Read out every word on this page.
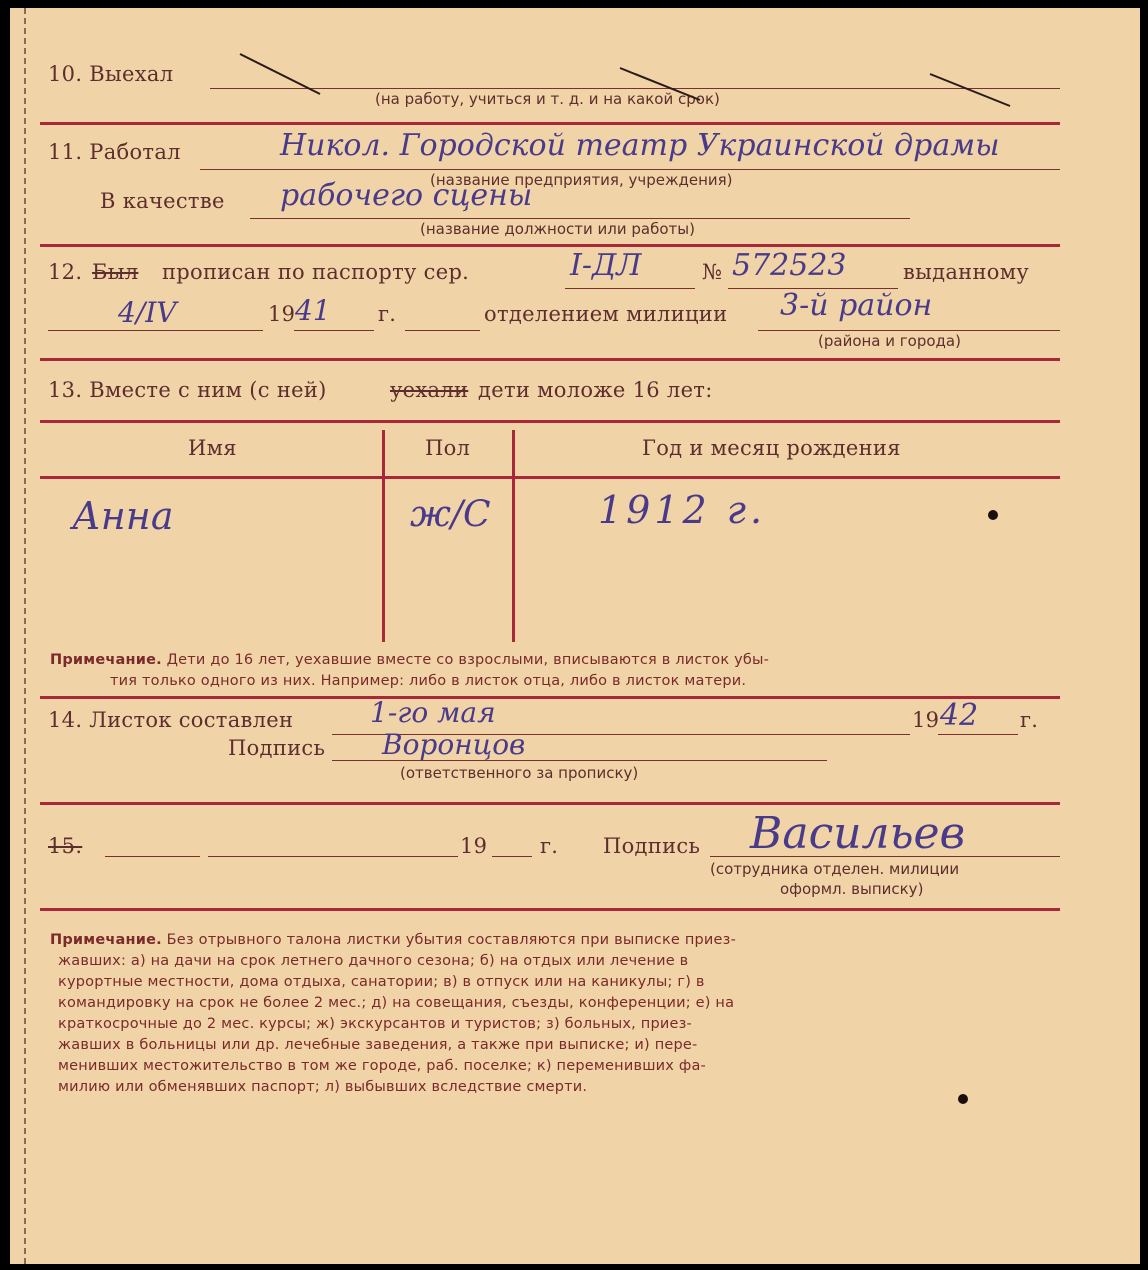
10. Выехал
(на работу, учиться и т. д. и на какой срок)
11. Работал	Никол. Городской театр Украинской драмы
(название предприятия, учреждения)
В качестве рабочего сцены
(название должности или работы)
12. Был прописан по паспорту сер.	I-ДЛ	№ 572523	выданному
4/IV	19 41 г.	отделением милиции 3-й район
(района и города)
13. Вместе с ним (с ней)	уехали дети моложе 16 лет:
Имя	Пол	Год и месяц рождения
Анна	ж/С	1912 г.
Примечание. Дети до 16 лет, уехавшие вместе со взрослыми, вписываются в листок убы-
тия только одного из них. Например: либо в листок отца, либо в листок матери.
14. Листок составлен	1-го мая	19 42 г.
Подпись Воронцов
(ответственного за прописку)
15.	19	г. Подпись Васильев
(сотрудника отделен. милиции
оформл. выписку)
Примечание. Без отрывного талона листки убытия составляются при выписке приез-
жавших: а) на дачи на срок летнего дачного сезона; б) на отдых или лечение в
курортные местности, дома отдыха, санатории; в) в отпуск или на каникулы; г) в
командировку на срок не более 2 мес.; д) на совещания, съезды, конференции; е) на
краткосрочные до 2 мес. курсы; ж) экскурсантов и туристов; з) больных, приез-
жавших в больницы или др. лечебные заведения, а также при выписке; и) пере-
менивших местожительство в том же городе, раб. поселке; к) переменивших фа-
милию или обменявших паспорт; л) выбывших вследствие смерти.
